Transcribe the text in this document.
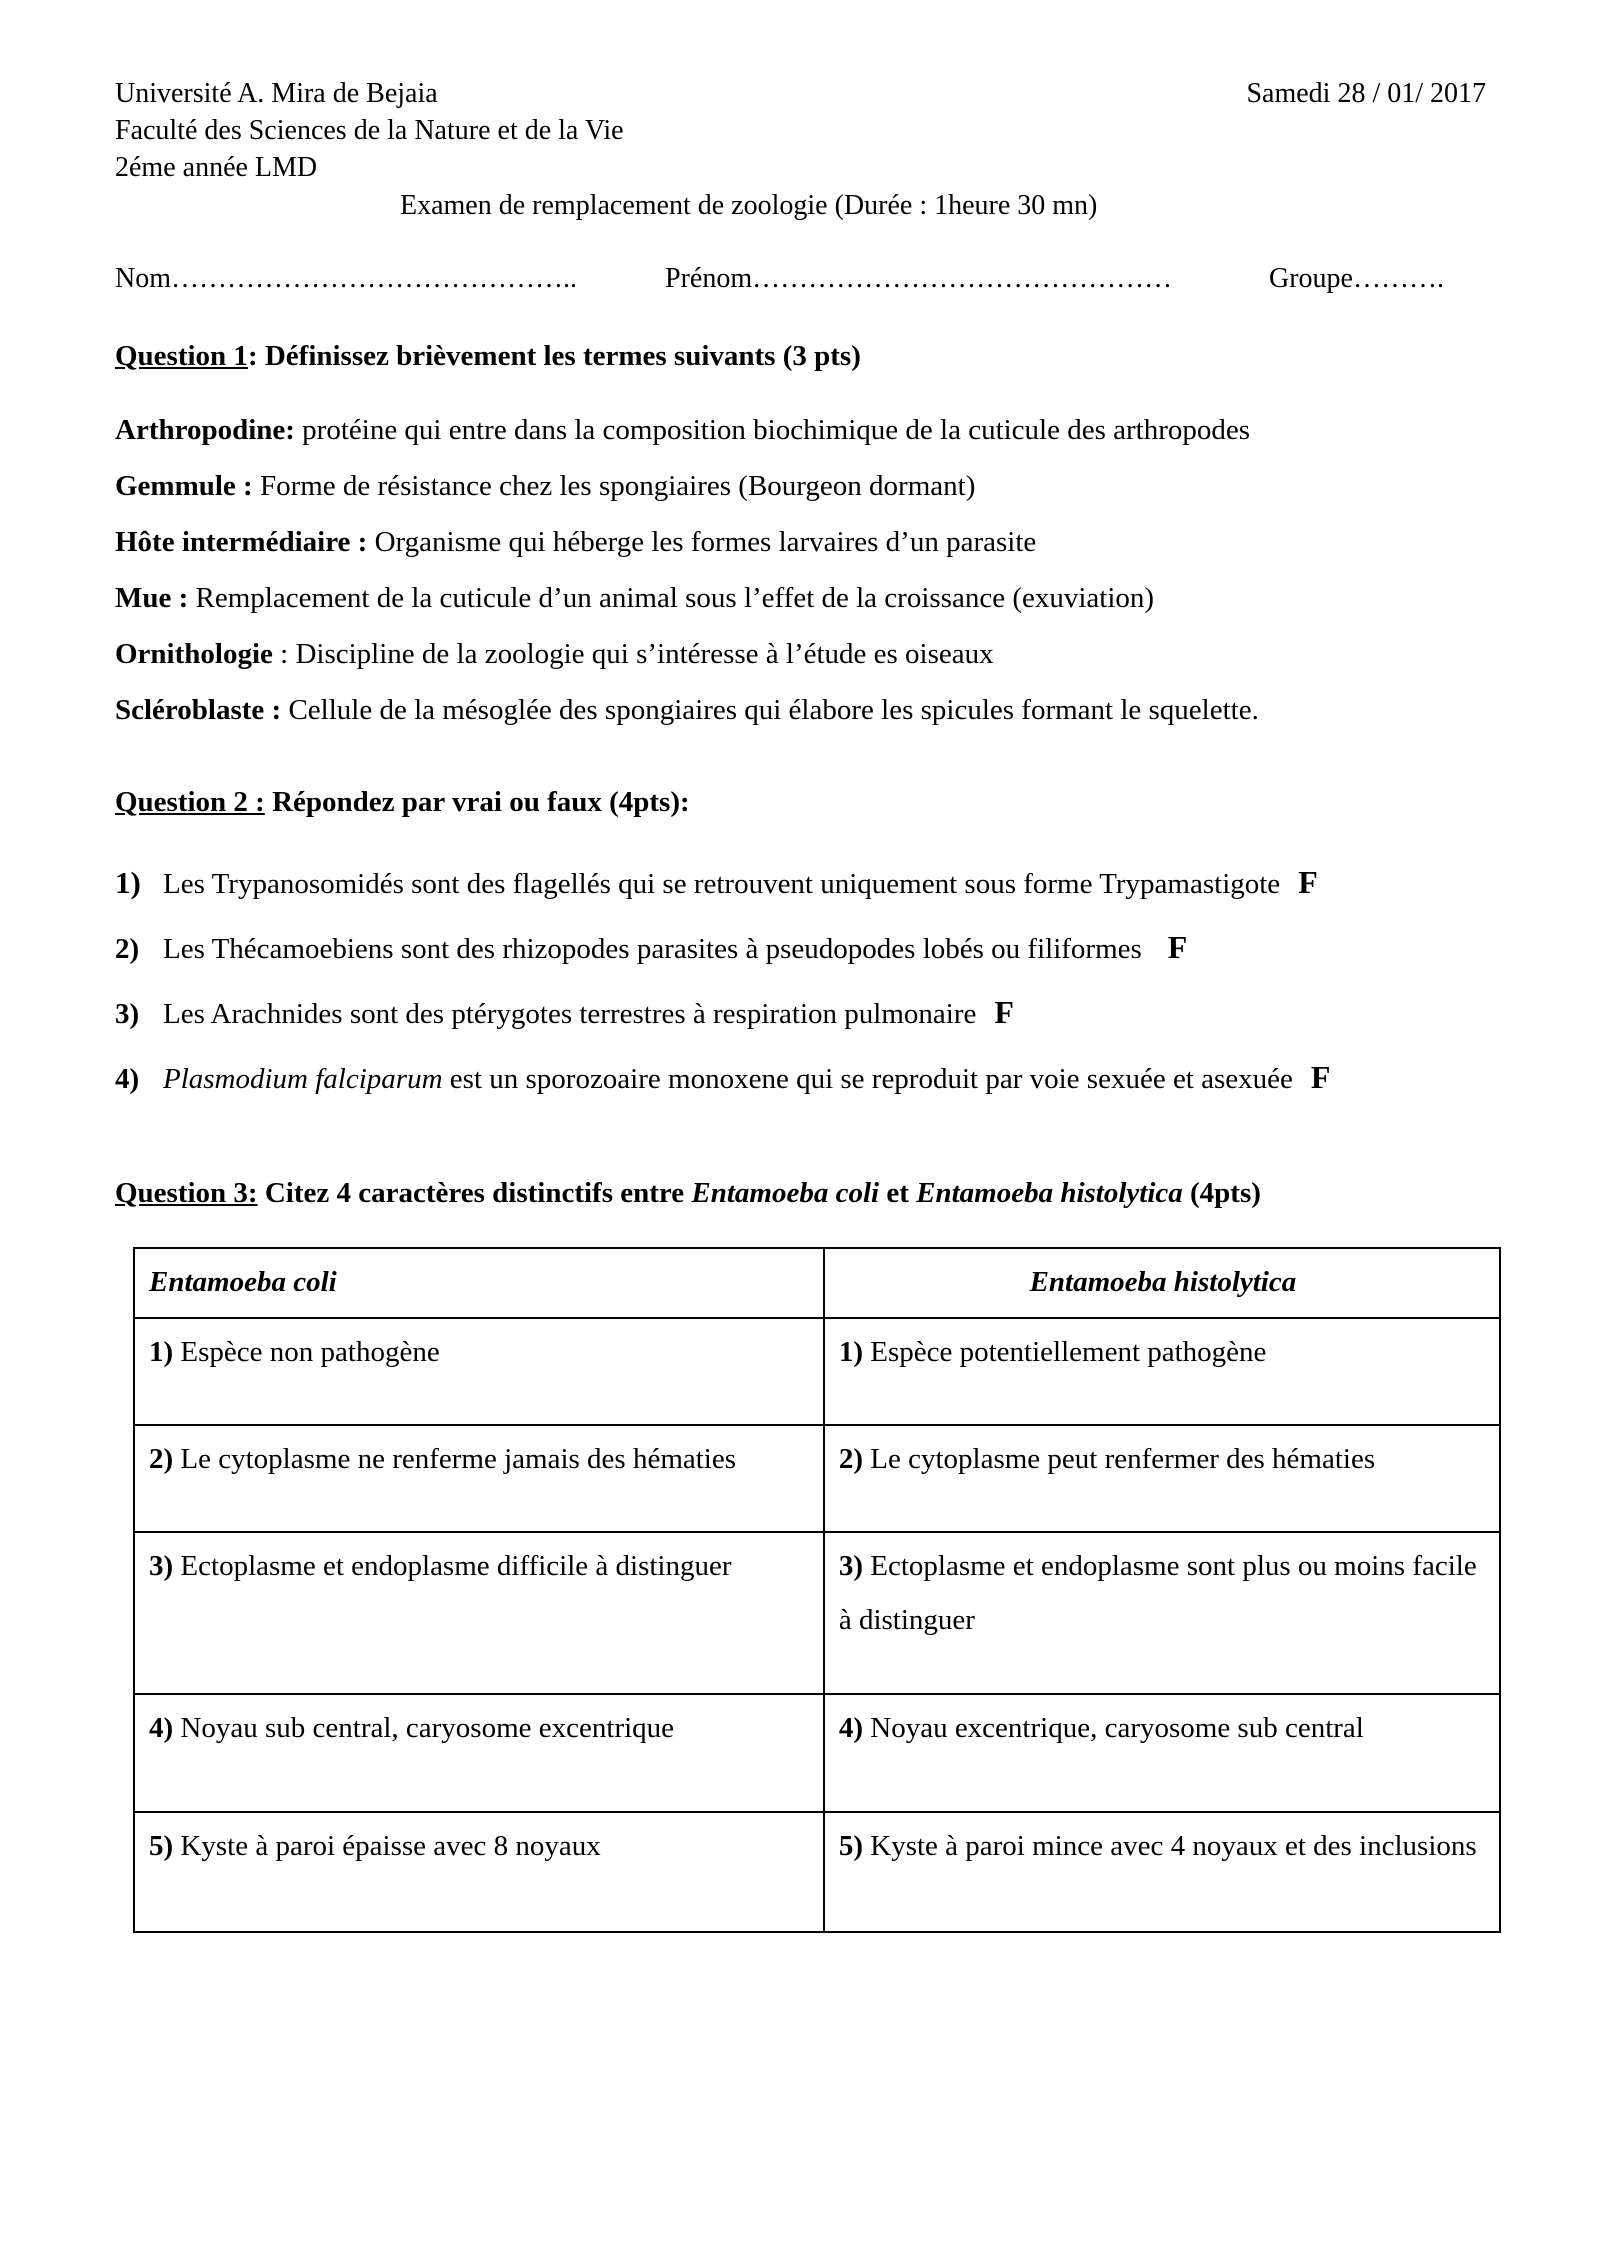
Université A. Mira de Bejaia
Faculté des Sciences de la Nature et de la Vie
2éme année LMD
Samedi 28 / 01/ 2017
Examen de remplacement de zoologie (Durée : 1heure 30 mn)
Nom……………………………………..	Prénom………………………………………	Groupe……….
Question 1: Définissez brièvement les termes suivants (3 pts)
Arthropodine: protéine qui entre dans la composition biochimique de la cuticule des arthropodes
Gemmule : Forme de résistance chez les spongiaires (Bourgeon dormant)
Hôte intermédiaire : Organisme qui héberge les formes larvaires d’un parasite
Mue : Remplacement de la cuticule d’un animal sous l’effet de la croissance (exuviation)
Ornithologie : Discipline de la zoologie qui s’intéresse à l’étude es oiseaux
Scléroblaste : Cellule de la mésoglée des spongiaires qui élabore les spicules formant le squelette.
Question 2 : Répondez par vrai ou faux (4pts):
1) Les Trypanosomidés sont des flagellés qui se retrouvent uniquement sous forme Trypamastigote F
2) Les Thécamoebiens sont des rhizopodes parasites à pseudopodes lobés ou filiformes F
3) Les Arachnides sont des ptérygotes terrestres à respiration pulmonaire F
4) Plasmodium falciparum est un sporozoaire monoxene qui se reproduit par voie sexuée et asexuée F
Question 3: Citez 4 caractères distinctifs entre Entamoeba coli et Entamoeba histolytica (4pts)
Entamoeba coli	Entamoeba histolytica
1) Espèce non pathogène	1) Espèce potentiellement pathogène
2) Le cytoplasme ne renferme jamais des hématies	2) Le cytoplasme peut renfermer des hématies
3) Ectoplasme et endoplasme difficile à distinguer	3) Ectoplasme et endoplasme sont plus ou moins facile à distinguer
4) Noyau sub central, caryosome excentrique	4) Noyau excentrique, caryosome sub central
5) Kyste à paroi épaisse avec 8 noyaux	5) Kyste à paroi mince avec 4 noyaux et des inclusions
